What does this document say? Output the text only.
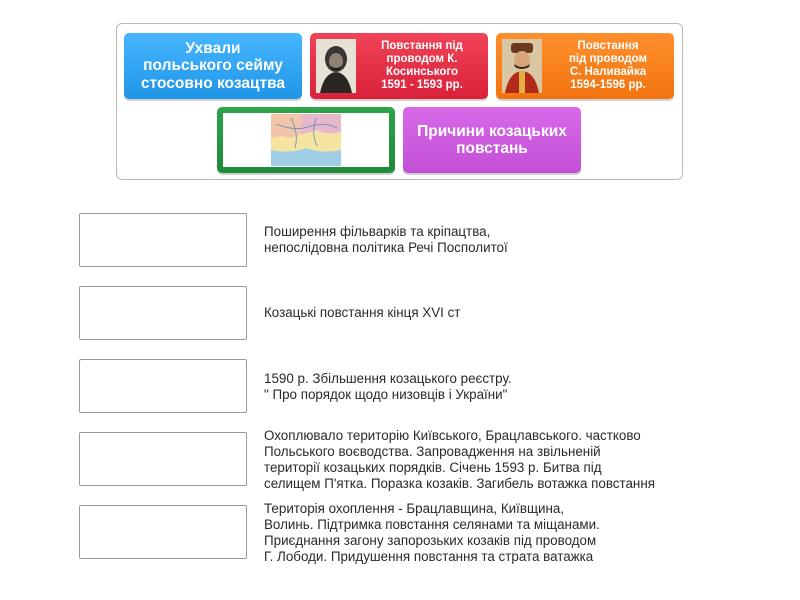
Ухвали
польського сейму
стосовно козацтва
Повстання під
проводом К.
Косинського
1591 - 1593 рр.
Повстання
під проводом
С. Наливайка
1594-1596 рр.
Причини козацьких
повстань
Поширення фільварків та кріпацтва,
непослідовна політика Речі Посполитої
Козацькі повстання кінця XVI ст
1590 р. Збільшення козацького реєстру.
" Про порядок щодо низовців і України"
Охоплювало територію Київського, Брацлавського. частково
Польського воєводства. Запровадження на звільненій
території козацьких порядків. Січень 1593 р. Битва під
селищем П'ятка. Поразка козаків. Загибель вотажка повстання
Територія охоплення - Брацлавщина, Київщина,
Волинь. Підтримка повстання селянами та міщанами.
Приєднання загону запорозьких козаків під проводом
Г. Лободи. Придушення повстання та страта ватажка
